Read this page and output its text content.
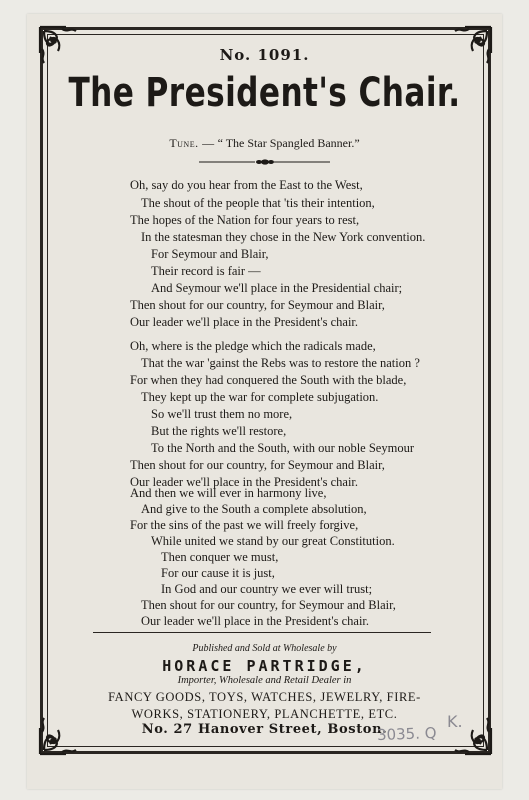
No. 1091.
The President's Chair.
Tune. — “ The Star Spangled Banner.”
Oh, say do you hear from the East to the West,
The shout of the people that 'tis their intention,
The hopes of the Nation for four years to rest,
In the statesman they chose in the New York convention.
For Seymour and Blair,
Their record is fair —
And Seymour we'll place in the Presidential chair;
Then shout for our country, for Seymour and Blair,
Our leader we'll place in the President's chair.
Oh, where is the pledge which the radicals made,
That the war 'gainst the Rebs was to restore the nation ?
For when they had conquered the South with the blade,
They kept up the war for complete subjugation.
So we'll trust them no more,
But the rights we'll restore,
To the North and the South, with our noble Seymour
Then shout for our country, for Seymour and Blair,
Our leader we'll place in the President's chair.
And then we will ever in harmony live,
And give to the South a complete absolution,
For the sins of the past we will freely forgive,
While united we stand by our great Constitution.
Then conquer we must,
For our cause it is just,
In God and our country we ever will trust;
Then shout for our country, for Seymour and Blair,
Our leader we'll place in the President's chair.
Published and Sold at Wholesale by
HORACE PARTRIDGE,
Importer, Wholesale and Retail Dealer in
FANCY GOODS, TOYS, WATCHES, JEWELRY, FIRE-
WORKS, STATIONERY, PLANCHETTE, ETC.
No. 27 Hanover Street, Boston.
3035. Q
K.
